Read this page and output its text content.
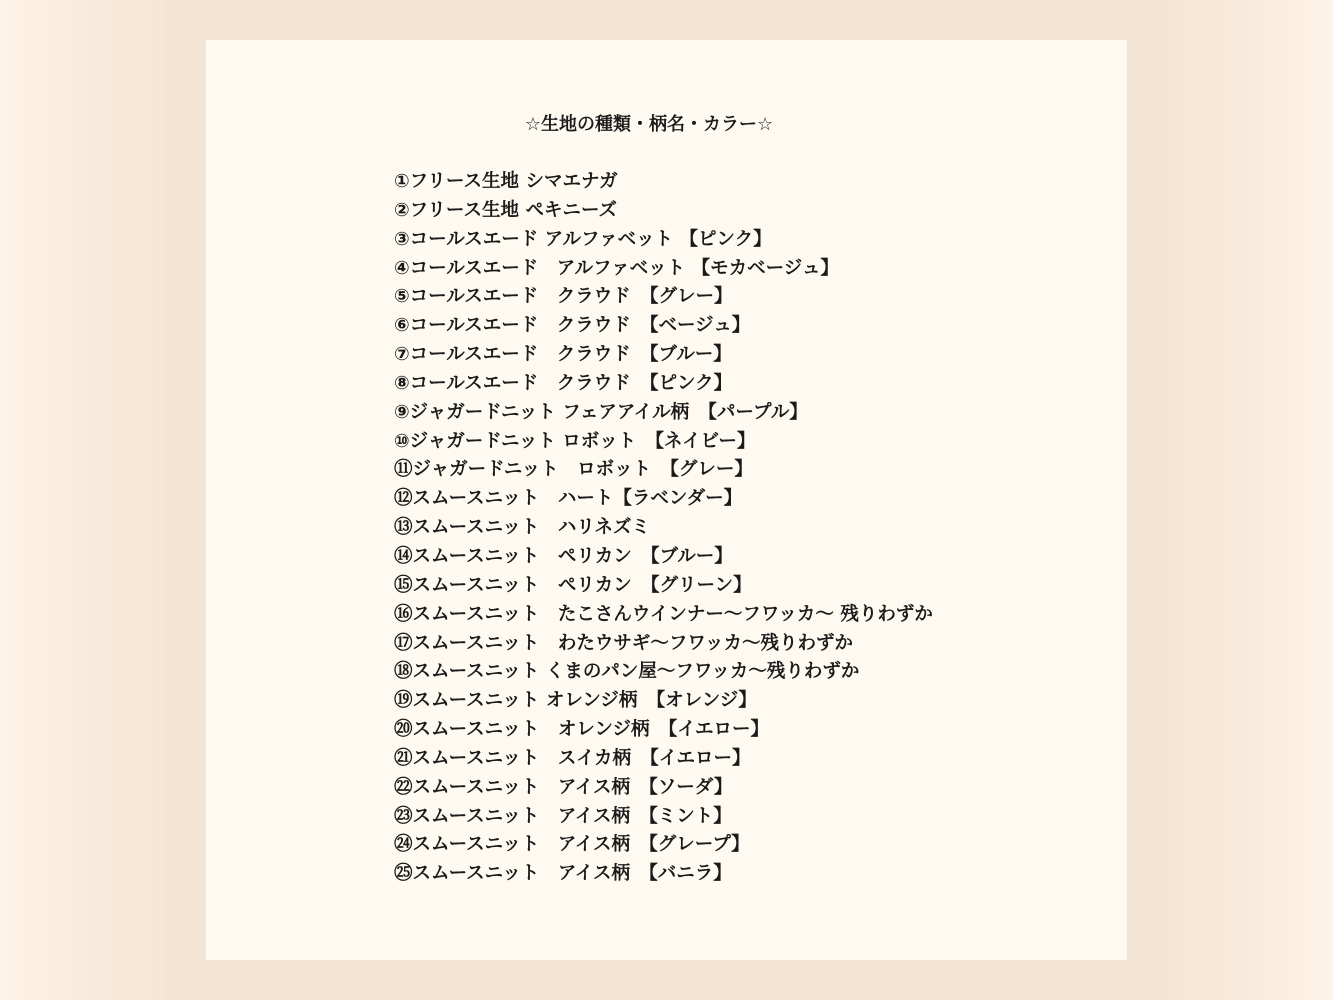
☆生地の種類・柄名・カラー☆
①フリース生地 シマエナガ
②フリース生地 ペキニーズ
③コールスエード アルファベット 【ピンク】
④コールスエード　アルファベット 【モカベージュ】
⑤コールスエード　クラウド　【グレー】
⑥コールスエード　クラウド　【ベージュ】
⑦コールスエード　クラウド　【ブルー】
⑧コールスエード　クラウド　【ピンク】
⑨ジャガードニット フェアアイル柄　【パープル】
⑩ジャガードニット ロボット　【ネイビー】
⑪ジャガードニット　ロボット　【グレー】
⑫スムースニット　ハート【ラベンダー】
⑬スムースニット　ハリネズミ
⑭スムースニット　ペリカン　【ブルー】
⑮スムースニット　ペリカン　【グリーン】
⑯スムースニット　たこさんウインナー〜フワッカ〜 残りわずか
⑰スムースニット　わたウサギ〜フワッカ〜残りわずか
⑱スムースニット くまのパン屋〜フワッカ〜残りわずか
⑲スムースニット オレンジ柄　【オレンジ】
⑳スムースニット　オレンジ柄　【イエロー】
㉑スムースニット　スイカ柄　【イエロー】
㉒スムースニット　アイス柄　【ソーダ】
㉓スムースニット　アイス柄　【ミント】
㉔スムースニット　アイス柄　【グレープ】
㉕スムースニット　アイス柄　【バニラ】
